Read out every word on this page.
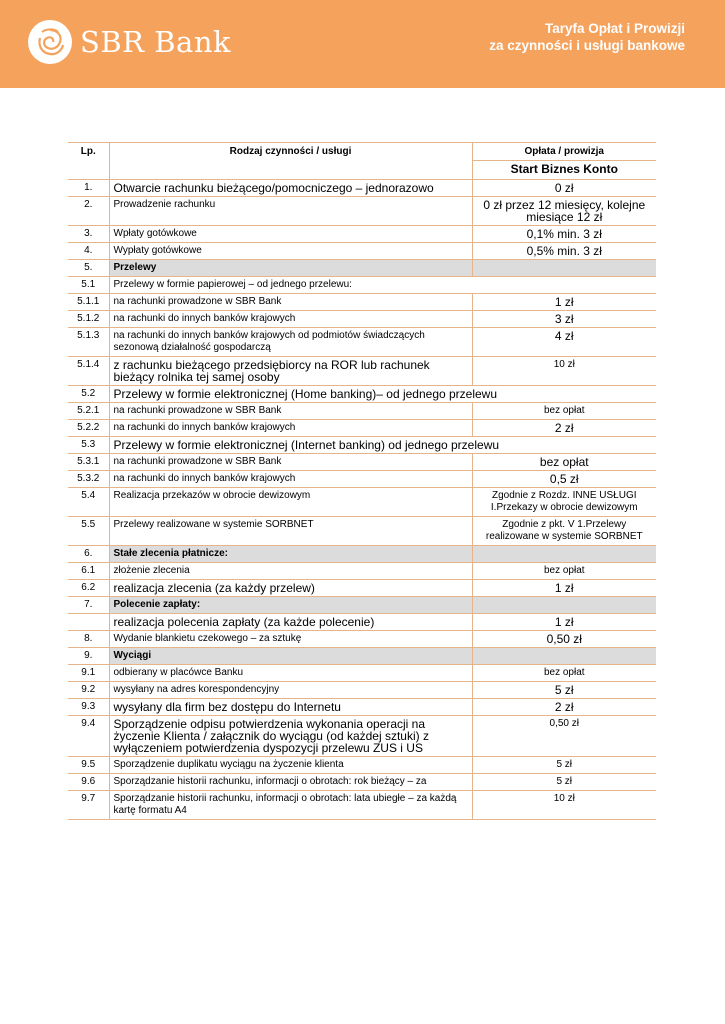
SBR Bank	Taryfa Opłat i Prowizji
za czynności i usługi bankowe
Lp.	Rodzaj czynności / usługi	Opłata / prowizja
		Start Biznes Konto
1.	Otwarcie rachunku bieżącego/pomocniczego – jednorazowo	0 zł
2.	Prowadzenie rachunku	0 zł przez 12 miesięcy, kolejne miesiące 12 zł
3.	Wpłaty gotówkowe	0,1% min. 3 zł
4.	Wypłaty gotówkowe	0,5% min. 3 zł
5.	Przelewy	
5.1	Przelewy w formie papierowej – od jednego przelewu:	
5.1.1	na rachunki prowadzone w SBR Bank	1 zł
5.1.2	na rachunki do innych banków krajowych	3 zł
5.1.3	na rachunki do innych banków krajowych od podmiotów świadczących sezonową działalność gospodarczą	4 zł
5.1.4	z rachunku bieżącego przedsiębiorcy na ROR lub rachunek bieżący rolnika tej samej osoby	10 zł
5.2	Przelewy w formie elektronicznej (Home banking)– od jednego przelewu	
5.2.1	na rachunki prowadzone w SBR Bank	bez opłat
5.2.2	na rachunki do innych banków krajowych	2 zł
5.3	Przelewy w formie elektronicznej (Internet banking) od jednego przelewu	
5.3.1	na rachunki prowadzone w SBR Bank	bez opłat
5.3.2	na rachunki do innych banków krajowych	0,5 zł
5.4	Realizacja przekazów w obrocie dewizowym	Zgodnie z Rozdz. INNE USŁUGI I.Przekazy w obrocie dewizowym
5.5	Przelewy realizowane w systemie SORBNET	Zgodnie z pkt. V 1.Przelewy realizowane w systemie SORBNET
6.	Stałe zlecenia płatnicze:	
6.1	złożenie zlecenia	bez opłat
6.2	realizacja zlecenia (za każdy przelew)	1 zł
7.	Polecenie zapłaty:	
	realizacja polecenia zapłaty (za każde polecenie)	1 zł
8.	Wydanie blankietu czekowego – za sztukę	0,50 zł
9.	Wyciągi	
9.1	odbierany w placówce Banku	bez opłat
9.2	wysyłany na adres korespondencyjny	5 zł
9.3	wysyłany dla firm bez dostępu do Internetu	2 zł
9.4	Sporządzenie odpisu potwierdzenia wykonania operacji na życzenie Klienta / załącznik do wyciągu (od każdej sztuki) z wyłączeniem potwierdzenia dyspozycji przelewu ZUS i US	0,50 zł
9.5	Sporządzenie duplikatu wyciągu na życzenie klienta	5 zł
9.6	Sporządzanie historii rachunku, informacji o obrotach: rok bieżący – za	5 zł
9.7	Sporządzanie historii rachunku, informacji o obrotach: lata ubiegłe – za każdą kartę formatu A4	10 zł
